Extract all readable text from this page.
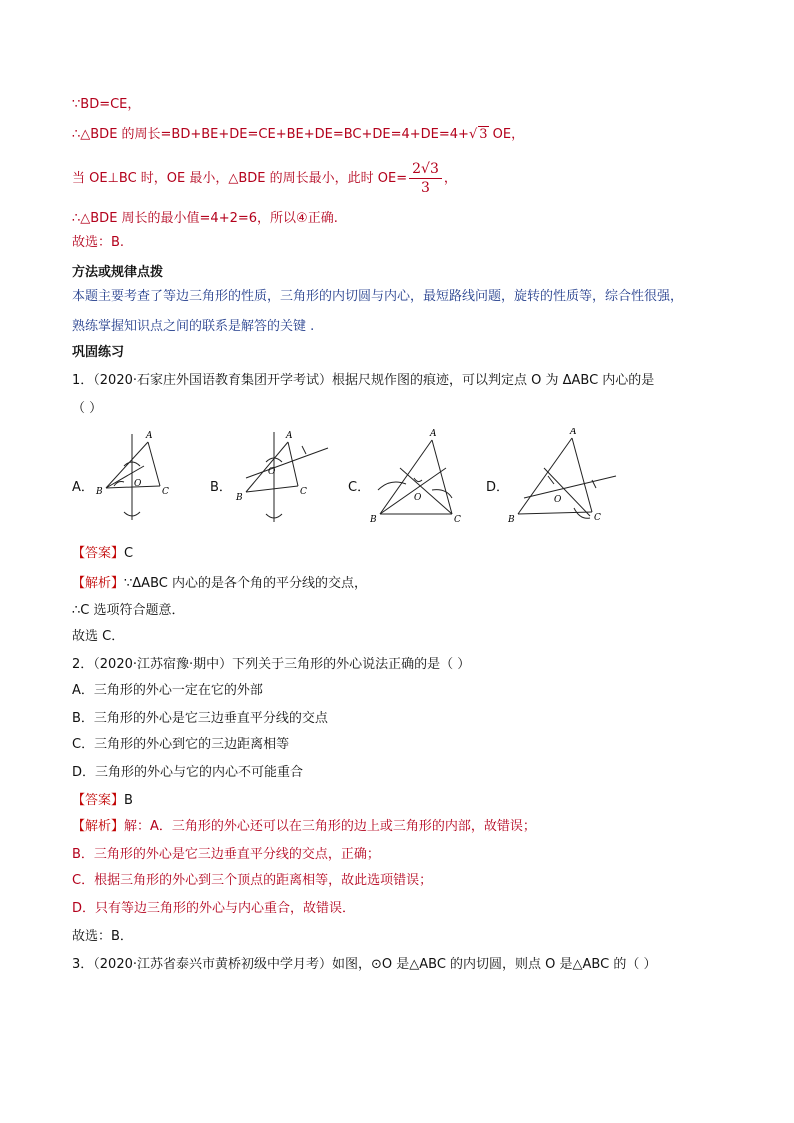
∵BD=CE，
∴△BDE 的周长=BD+BE+DE=CE+BE+DE=BC+DE=4+DE=4+√ 3 OE，
当 OE⊥BC 时，OE 最小，△BDE 的周长最小，此时 $OE= \frac{2√3}{3}$ ，
∴△BDE 周长的最小值=4+2=6，所以④正确.
故选：B.
方法或规律点拨
本题主要考查了等边三角形的性质，三角形的内切圆与内心，最短路线问题，旋转的性质等，综合性很强，
熟练掌握知识点之间的联系是解答的关键 .
巩固练习
1．（2020·石家庄外国语教育集团开学考试）根据尺规作图的痕迹，可以判定点 O 为 ΔABC 内心的是
（ ）
A． B
A
C
O	B．
B
A
C
O
C．
B
A
C
O
D．
B
A
C
O
【答案】C
【解析】∵ΔABC 内心的是各个角的平分线的交点，
∴C 选项符合题意．
故选 C．
2．（2020·江苏宿豫·期中）下列关于三角形的外心说法正确的是（ ）
A．三角形的外心一定在它的外部
B．三角形的外心是它三边垂直平分线的交点
C．三角形的外心到它的三边距离相等
D．三角形的外心与它的内心不可能重合
【答案】B
【解析】解：A．三角形的外心还可以在三角形的边上或三角形的内部，故错误；
B．三角形的外心是它三边垂直平分线的交点，正确；
C．根据三角形的外心到三个顶点的距离相等，故此选项错误；
D．只有等边三角形的外心与内心重合，故错误．
故选：B．
3．（2020·江苏省泰兴市黄桥初级中学月考）如图，⊙O 是△ABC 的内切圆，则点 O 是△ABC 的（ ）
